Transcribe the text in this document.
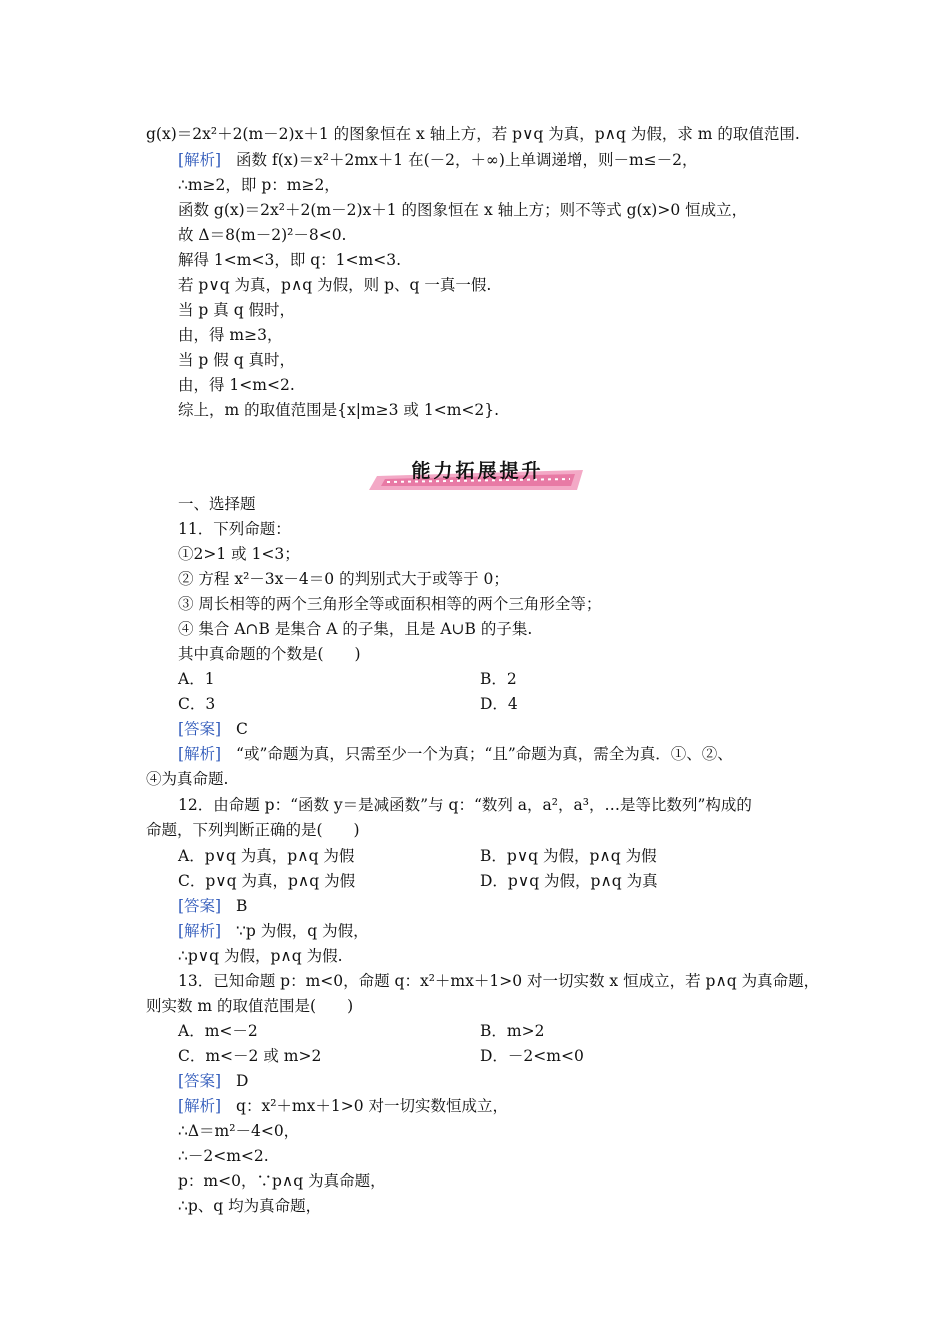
g(x)＝2x²＋2(m－2)x＋1 的图象恒在 x 轴上方，若 p∨q 为真，p∧q 为假，求 m 的取值范围.
[解析] 函数 f(x)＝x²＋2mx＋1 在(－2，＋∞)上单调递增，则－m≤－2，
∴m≥2，即 p：m≥2，
函数 g(x)＝2x²＋2(m－2)x＋1 的图象恒在 x 轴上方；则不等式 g(x)>0 恒成立，
故 Δ＝8(m－2)²－8<0.
解得 1<m<3，即 q：1<m<3.
若 p∨q 为真，p∧q 为假，则 p、q 一真一假.
当 p 真 q 假时，
由，得 m≥3，
当 p 假 q 真时，
由，得 1<m<2.
综上，m 的取值范围是{x|m≥3 或 1<m<2}.
能力拓展提升
一、选择题
11．下列命题：
①2>1 或 1<3；
② 方程 x²－3x－4＝0 的判别式大于或等于 0；
③ 周长相等的两个三角形全等或面积相等的两个三角形全等；
④ 集合 A∩B 是集合 A 的子集，且是 A∪B 的子集.
其中真命题的个数是(　　)
A．1	B．2
C．3	D．4
[答案] C
[解析] “或”命题为真，只需至少一个为真；“且”命题为真，需全为真．①、②、
④为真命题.
12．由命题 p：“函数 y＝是减函数”与 q：“数列 a，a²，a³，…是等比数列”构成的
命题，下列判断正确的是(　　)
A．p∨q 为真，p∧q 为假	B．p∨q 为假，p∧q 为假
C．p∨q 为真，p∧q 为假	D．p∨q 为假，p∧q 为真
[答案] B
[解析] ∵p 为假，q 为假，
∴p∨q 为假，p∧q 为假.
13．已知命题 p：m<0，命题 q：x²＋mx＋1>0 对一切实数 x 恒成立，若 p∧q 为真命题，
则实数 m 的取值范围是(　　)
A．m<－2	B．m>2
C．m<－2 或 m>2	D．－2<m<0
[答案] D
[解析] q：x²＋mx＋1>0 对一切实数恒成立，
∴Δ＝m²－4<0，
∴－2<m<2.
p：m<0，∵p∧q 为真命题，
∴p、q 均为真命题，
